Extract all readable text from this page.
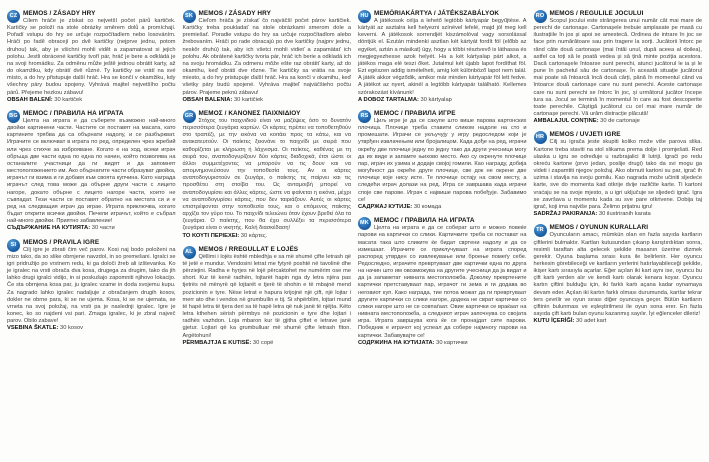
CZ MEMOS / ZÁSADY HRY
Cílem hráče je získat co nejvetší počet párů kartiček. Kartičky se položí na stole obrázky směrem dolů a promíchají. Pořadí vstupu do hry se určuje rozpočítadlem nebo losováním. Hráči po řadě obracejí po dvě kartičky (nejprve jednu, potom druhou) tak, aby je všichni mohli vidět a zapamatovat si jejich polohu. Jestli obrácené kartičky tvoří pár, hráč je bere a odkládá je na svoji hromádku. Za odměnu může ještě jednou obrátit karty, až do okamžiku, kdy obrátí dvě různé. Ty kartičky se vrátí na své místo, a do hry přistupuje další hráč. Hra se končí v okamžiku, kdy všechny páry budou spojeny. Vyhrává majitel nejvetšího počtu párů. Přejeme hezkou zábavu!
OBSAH BALENÍ: 30 kartiček
BG МЕМОС / ПРАВИЛА НА ИГРАТА
Целта на играта е да съберете възможно най-много двойки картинени части. Частите се поставят на масата, като картините трябва да са обърнати надолу, и се разбъркват. Играчите се включват в играта по ред, определен чрез жребий или чрез стихче за изброяване. Когато е на ход, всеки играч обръща две части една по една по начин, който позволява на останалите участници да ги видят и да запомнят местоположението им. Ако обърнатите части образуват двойка, играчът ги взима и ги добавя към своята купчина. Като награда играчът след това може да обърне други части с лицето нагоре, докато обърне с лицето нагоре части, които не съвпадат. Тези части се поставят обратно на местата си и е ред на следващия играч да играе. Играта приключва, когато бъдат открити всички двойки. Печели играчът, който е събрал най-много двойки. Приятно забавление!
СЪДЪРЖАНИЕ НА КУТИЯТА: 30 части
SI	MEMOS / PRAVILA IGRE
Cilj igre je zbrati čim več parov. Kosi naj bodo položeni na mizo tako, da so slike obrnjene navzdol, in so premešani. Igralci se igri pridružijo po vrstnem redu, ki ga določi žreb ali izštevanka. Ko je igralec na vrsti obrača dva kosa, drugega za drugim, tako da jih lahko drugi igralci vidijo, in si poskušajo zapomniti njihovo lokacijo. Če sta obrnjena kosa par, ju igralec vzame in doda svojemu kupu. Za nagrado lahko igralec nadaljuje z obračanjem drugih kosov, dokler ne obrne para, ki se ne ujema. Kosa, ki se ne ujemata, se vrneta na svoj položaj, na vrsti pa je naslednji igralec. Igre je konec, ko so najdeni vsi pari. Zmaga igralec, ki je zbral največ parov. Obilo zabave!
VSEBINA ŠKATLE: 30 kosov
SK MEMOS / ZÁSADY HRY
Cieľom hráča je získať čo najväčší počet párov kartičiek. Kartičky treba poukladať na stole obrázkami smerom dole a premiešať. Poradie vstupu do hry sa určuje rozpočítadlom alebo žrebovaním. Hráči po rade obracajú po dve kartičky (najprv jednu, neskôr druhú) tak, aby ich všetci mohli vidieť a zapamätať ich polohu. Ak obrátené kartičky tvoria pár, hráč ich berie a odkladá ich na svoju hromádku. Za odmenu môže ešte raz obrátiť karty, až do okamihu, keď obráti dve rôzne. Tie kartičky sa vrátia na svoje miesto, a do hry pristupuje ďalší hráč. Hra sa končí v okamihu, keď všetky páry budú spojené. Vyhráva majiteľ najväčšieho počtu párov. Prajeme peknú zábavu!
OBSAH BALENIA: 30 kartičiek
GR ΜΕΜΟΣ / ΚΑΝΟΝΕΣ ΠΑΙΧΝΙΔΙΟΥ
Στόχος του παιχνιδιού είναι να μαζέψεις όσο το δυνατόν περισσότερα ζευγάρια καρτών. Οι κάρτες πρέπει να τοποθετηθούν στο τραπέζι, με την εικόνα να κοιτάει προς τα κάτω, και να ανακατευτούν. Οι παίκτες ξεκινάνε το παιχνίδι με σειρά που καθορίζεται με κλήρωση ή λάχνισμα. Οι παίκτες, καθένας με τη σειρά του, αναποδογυρίζουν δύο κάρτες διαδοχικά, έτσι ώστε οι άλλοι συμμετέχοντες να μπορούν να τις δουν και να απομνημονεύσουν την τοποθεσία τους. Αν οι κάρτες αναποδογυριστούν σε ζευγάρι, ο παίκτης τις παίρνει και τις προσθέτει στη στοίβα του. Ως ανταμοιβή μπορεί να αναποδογυρίσει και άλλες κάρτες, ώστε να φαίνεται η εικόνα, μέχρι να αναποδογυρίσει κάρτες, που δεν ταιριάζουν. Αυτές οι κάρτες επιστρέφονται στην τοποθεσία τους, και ο επόμενος παίκτης αρχίζει τον γύρο του. Το παιχνίδι τελειώνει όταν έχουν βρεθεί όλα τα ζευγάρια. Ο παίκτης, που θα έχει συλλέξει τα περισσότερα ζευγάρια είναι ο νικητής. Καλή διασκέδαση!
ΤΟ ΚΟΥΤΙ ΠΕΡΙΕΧΕΙ: 30 κάρτες.
AL MEMOS / RREGULLAT E LOJËS
Qëllimi i lojës është mbledhja e sa më shumë çifte letrash që të jetë e mundur. Vendosini letrat me fytyrë poshtë në tavolinë dhe përziejini. Radha e hyrjes në lojë përcaktohet me numërim ose me short. Kur të kenë radhën, lojtarët hapin nga dy letra njëra pas tjetrës në mënyrë që lojtarët e tjerë të shohin e të mbajnë mend pozicionin e tyre. Nëse letrat e hapura krijojnë një çift, një lojtar i merr ato dhe i vendos në grumbullin e tij. Si shpërblim, lojtari mund të hapë letra të tjera deri sa të hapë letra që nuk janë të njëjta. Këto letra kthehen sërish përmbys në pozicionin e tyre dhe lojtari i radhës vazhdon. Loja mbaron kur të gjitha çiftet e letrave janë gjetur. Lojtari që ka grumbulluar më shumë çifte letrash fiton. Argëtohuni!
PËRMBAJTJA E KUTISË: 30 copë
HU MEMÓRIAKÁRTYA / JÁTÉKSZABÁLYOK
A játékosok célja a lehető legtöbb kártyapár begyűjtése. A kártyát az asztalra kell helyezni színével lefelé, majd jól meg kell keverni. A játékosok sorrendjét kiszámolóval vagy sorsolással döntjük el. Ezután mindenki asztlan két kártyát fordít föl (előbb az egyiket, aztán a másikat) úgy, hogy a többi résztvevő is láthassa és megjegyezhesse azok helyét. Ha a két kártyalap párt alkot, a játékos maga elé teszi őket. Jutalmul két újabb lapot fordíthat föl. Ezt egészen addig ismételheti, amíg két különböző lapot nem talál. A játék akkor végződik, amikor már minden kártyapár föl lett fedve. A játékot az nyert, akinél a legtöbb kártyapár található. Kellemes szórakozást kívánunk!
A DOBOZ TARTALMA: 30 kártyalap
RS МЕМОС / ПРАВИЛА ИГРЕ
Циљ игре је да се сакупе што више парова картонских плочица. Плочице треба ставити сликом надоле на сто и промешати. Играчи се укључују у игру редоследом који је утврђен извлачењем или бројалицом. Када дође на ред, играчи окрећу две плочице једну по једну тако да други учесници могу да их виде и запамте њихово место. Ако су окренуте плочице пар, играч их узима и додаје својој гомили. Као награду, добија могућност да окреће друге плочице, све док не окрене две плочице које нису исте. Те плочице остају на свом месту, а следећи играч долази на ред. Игра се завршава када играчи споје све парове. Играч с највише парова побеђује. Забавимо се!
САДРЖАЈ КУТИЈЕ: 30 комада
MK МЕМОС / ПРАВИЛА НА ИГРАТА
Целта на играта е да се соберат што е можно повеќе парови на картички со слики. Картичките треба се постават на масата така што сликите ќе бидат свртени надолу и да се измешаат. Играчите се приклучуваат на играта според распоред утврден со извлекување или броење помеѓу себе. Редоследно, играчите превртуваат две картички една по друга на начин што им овозможува на другите учесници да ја видат и да ја запаметат нивната местоположба. Доколку превртените картички претставуваат пар, играчот ги зема и ги додава во неговиот куп. Како награда, тие потоа можат да ги превртуваат другите картички со слики нагоре, додека не сврат картички со слики нагоре што не се совпаѓаат. Овие картички се враќаат на нивната местоположба, а следниот играч започнува со својата игра. Играта завршува кога ќе се пронајдат сите парови. Победник е играчот кој успеал да собере најмногу парови на картички. Забавувајте се!
СОДРЖИНА НА КУТИЈАТА: 30 картички
RO MEMOS / REGULILE JOCULUI
Scopul jocului este strângerea unui număr cât mai mare de perechi de cartonașe. Cartonașele trebuie amplasate pe masă cu ilustrațiile în jos și apoi se amestecă. Ordinea de intrare în joc se face prin numărătoare sau prin tragere la sorți. Jucătorii întorc pe rând câte două cartonașe (mai întâi unul, după aceea al doilea), astfel ca toți să le poată vedea și să țină minte poziția acestora. Dacă cartonașele întoarse sunt perechi, atunci jucătorul le ia și le pune în pachetul său de cartonașe. În această situație jucătorul mai poate să întoarcă încă două cărți, până în momentul când va întoarce două cartonașe care nu sunt perechi. Aceste cartonașe care nu sunt perechi se întorc în joc, și următorul jucător începe tura sa. Jocul se termină în momentul în care au fost descoperite toate perechile. Câștigă jucătorul cu cel mai mare număr de cartonașe perechi. Vă urăm distracție plăcută!
AMBALAJUL CONȚINE: 30 de cartonaje
HR MEMOS / UVJETI IGRE
Cilj su igrača jeste skupiti koliko može više parova slika. Kartone treba staviti na stol slikama prema dolje i promješati. Red ulaska u igru se određuje u razbrajalici ili lutriji. Igrači po redu okreću kartone (prvo jedan, poslije drugi) tako da svi mogu ga videti i zapamtiti njegov položaj. Ako obrnuti kartoni su par, igrač ih uzima i stavlja na svoju gomilu. Kao nagrada može učiniti sljedeće karte, sve do momenta kad otkrije dvije različite karte. Ti kartoni vraćaju se na svoje mjesto, a u igri uključuje se sljedeći igrač. Igra se završava u momentu kada su sve pare otkrivene. Dobija taj igrač, koji ima najviše para. Želimo prijatnu igru!
SADRŽAJ PAKIRANJA: 30 ilustriranih karata
TR MEMOS / OYUNUN KURALLARI
Oyuncuların amacı, mümkün olan en fazla sayıda kartların çiftlerini bulmaktır. Kartları kutusundan çıkarıp karıştırdıktan sonra, resimli taraftan alta gelecek şekilde masanın üzerine dizmek gerekir. Oyuna başlama sırası kura ile belirlenir. Her oyuncu herkesin görebileceği ve kartların yerlerini hatırlayabileceği şekilde, ikişer kartı sırasıyla açarlar. Eğer açılan iki kart aynı ise, oyuncu bu çift kartı yerden alır ve kendi kartı olarak kenara koyar. Oyuncu kartın çiftini bulduğu için, iki farklı kartı açana kadar oynamaya devam eder. Açılan iki kartın farklı olması durumunda, kartlar tekrar ters çevrilir ve oyun sırası diğer oyuncuya geçer. Bütün kartların çiftinin bulunması ve eşleştirilmesi ile oyun sona erer. En fazla sayıda çift kartı bulan oyunu kazanmış sayılır. İyi eğlenceler dileriz!
KUTU İÇERİĞİ: 30 adet kart
